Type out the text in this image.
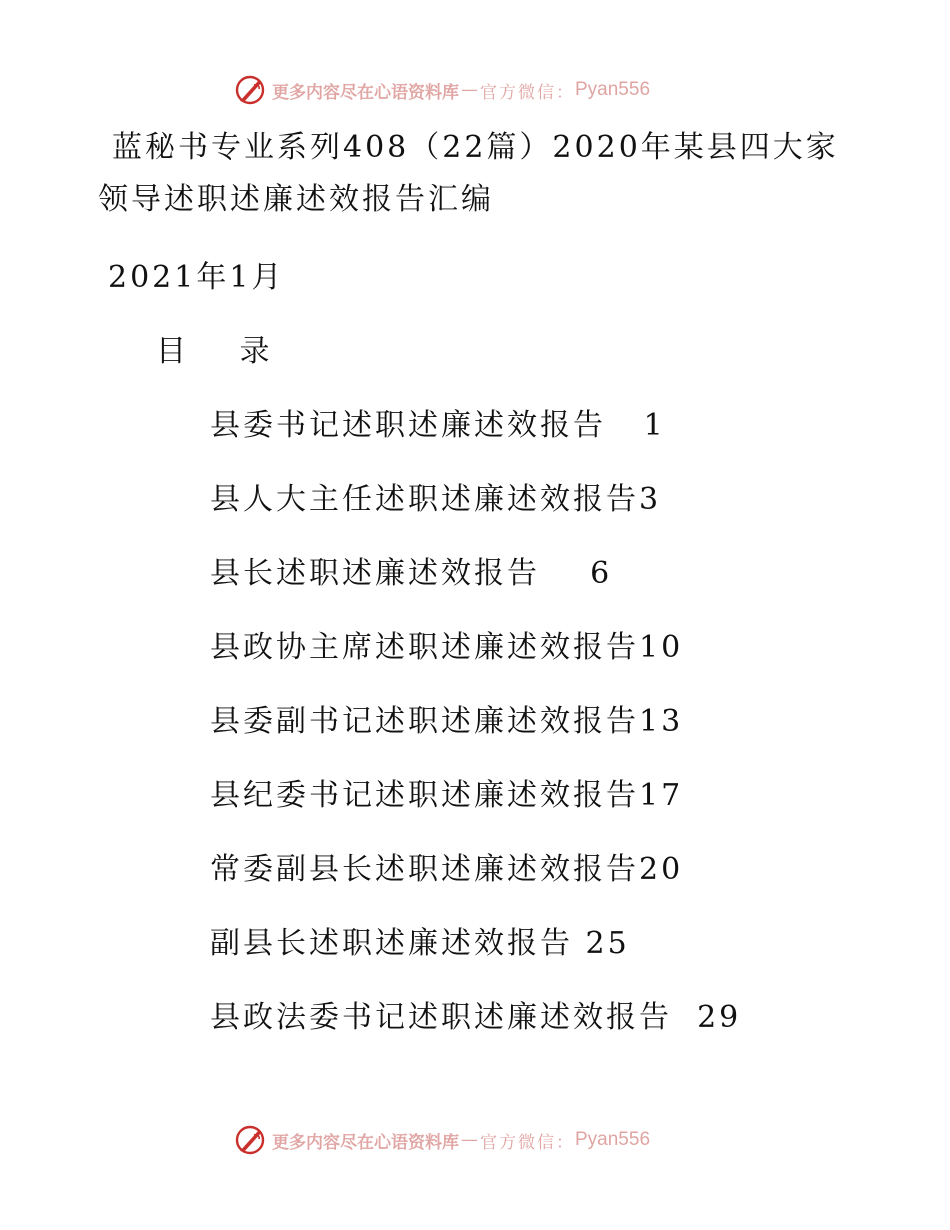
更多内容尽在心语资料库 — 官方微信： Pyan556
蓝秘书专业系列408（22篇）2020年某县四大家领导述职述廉述效报告汇编
2021年1月
目 录
县委书记述职述廉述效报告 1
县人大主任述职述廉述效报告3
县长述职述廉述效报告 6
县政协主席述职述廉述效报告10
县委副书记述职述廉述效报告13
县纪委书记述职述廉述效报告17
常委副县长述职述廉述效报告20
副县长述职述廉述效报告 25
县政法委书记述职述廉述效报告 29
更多内容尽在心语资料库 — 官方微信： Pyan556
